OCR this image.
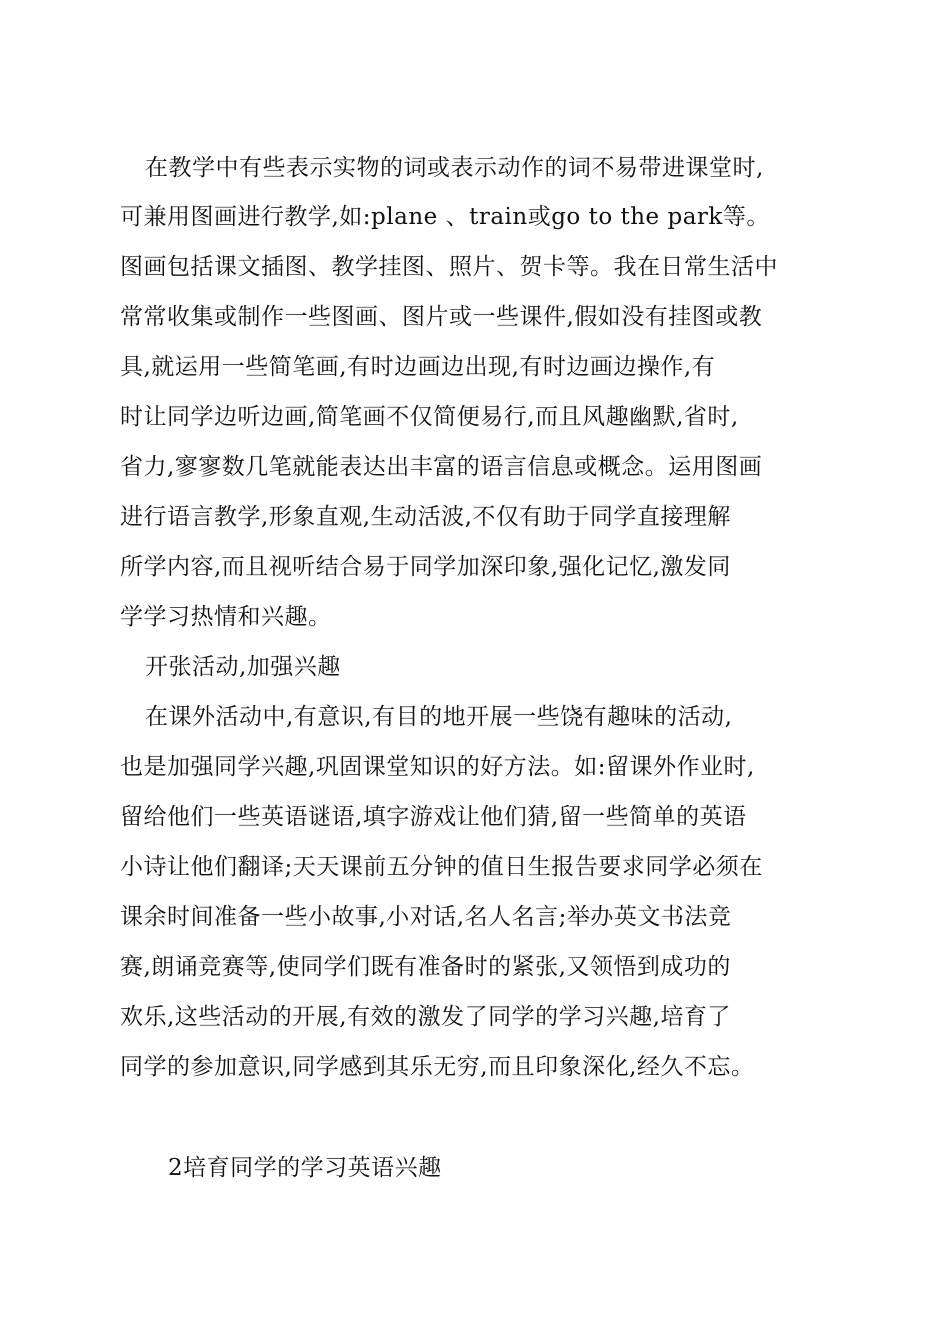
在教学中有些表示实物的词或表示动作的词不易带进课堂时,
可兼用图画进行教学,如:plane 、train或go to the park等。
图画包括课文插图、教学挂图、照片、贺卡等。我在日常生活中
常常收集或制作一些图画、图片或一些课件,假如没有挂图或教
具,就运用一些简笔画,有时边画边出现,有时边画边操作,有
时让同学边听边画,简笔画不仅简便易行,而且风趣幽默,省时,
省力,寥寥数几笔就能表达出丰富的语言信息或概念。运用图画
进行语言教学,形象直观,生动活波,不仅有助于同学直接理解
所学内容,而且视听结合易于同学加深印象,强化记忆,激发同
学学习热情和兴趣。
开张活动,加强兴趣
在课外活动中,有意识,有目的地开展一些饶有趣味的活动,
也是加强同学兴趣,巩固课堂知识的好方法。如:留课外作业时,
留给他们一些英语谜语,填字游戏让他们猜,留一些简单的英语
小诗让他们翻译;天天课前五分钟的值日生报告要求同学必须在
课余时间准备一些小故事,小对话,名人名言;举办英文书法竞
赛,朗诵竞赛等,使同学们既有准备时的紧张,又领悟到成功的
欢乐,这些活动的开展,有效的激发了同学的学习兴趣,培育了
同学的参加意识,同学感到其乐无穷,而且印象深化,经久不忘。
2培育同学的学习英语兴趣
